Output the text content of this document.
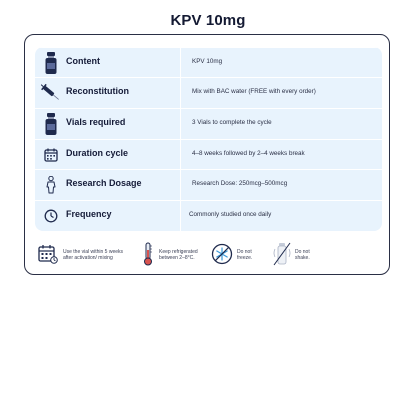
KPV 10mg
Content	KPV 10mg
Reconstitution	Mix with BAC water (FREE with every order)
Vials required	3 Vials to complete the cycle
Duration cycle	4–8 weeks followed by 2–4 weeks break
Research Dosage	Research Dose: 250mcg–500mcg
Frequency	Commonly studied once daily
Use the vial within 5 weeks
after activation/ mixing
Keep refrigerated
between 2–8°C.
Do not
freeze.
Do not
shake.
